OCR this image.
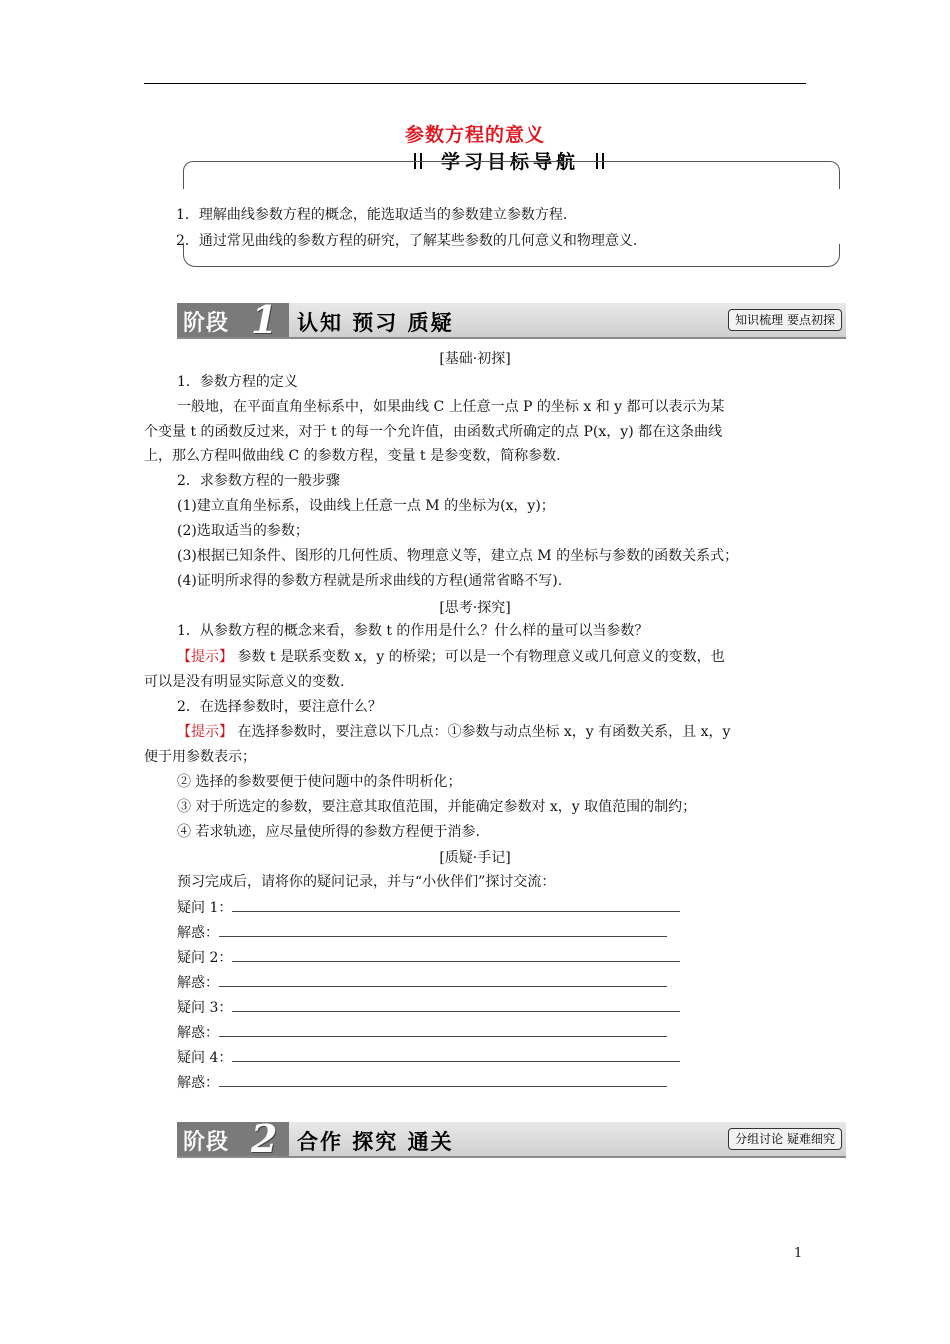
参数方程的意义
学习目标导航
1．理解曲线参数方程的概念，能选取适当的参数建立参数方程.
2．通过常见曲线的参数方程的研究，了解某些参数的几何意义和物理意义.
阶段 1 认知 预习 质疑	知识梳理 要点初探
[基础·初探]
1．参数方程的定义
一般地，在平面直角坐标系中，如果曲线 C 上任意一点 P 的坐标 x 和 y 都可以表示为某
个变量 t 的函数反过来，对于 t 的每一个允许值，由函数式所确定的点 P(x，y) 都在这条曲线
上，那么方程叫做曲线 C 的参数方程，变量 t 是参变数，简称参数.
2．求参数方程的一般步骤
(1)建立直角坐标系，设曲线上任意一点 M 的坐标为(x，y)；
(2)选取适当的参数；
(3)根据已知条件、图形的几何性质、物理意义等，建立点 M 的坐标与参数的函数关系式；
(4)证明所求得的参数方程就是所求曲线的方程(通常省略不写).
[思考·探究]
1．从参数方程的概念来看，参数 t 的作用是什么？什么样的量可以当参数？
【提示】 参数 t 是联系变数 x，y 的桥梁；可以是一个有物理意义或几何意义的变数，也
可以是没有明显实际意义的变数.
2．在选择参数时，要注意什么？
【提示】 在选择参数时，要注意以下几点：①参数与动点坐标 x，y 有函数关系，且 x，y
便于用参数表示；
② 选择的参数要便于使问题中的条件明析化；
③ 对于所选定的参数，要注意其取值范围，并能确定参数对 x，y 取值范围的制约；
④ 若求轨迹，应尽量使所得的参数方程便于消参.
[质疑·手记]
预习完成后，请将你的疑问记录，并与“小伙伴们”探讨交流：
疑问 1：
解惑：
疑问 2：
解惑：
疑问 3：
解惑：
疑问 4：
解惑：
阶段 2 合作 探究 通关	分组讨论 疑难细究
1
